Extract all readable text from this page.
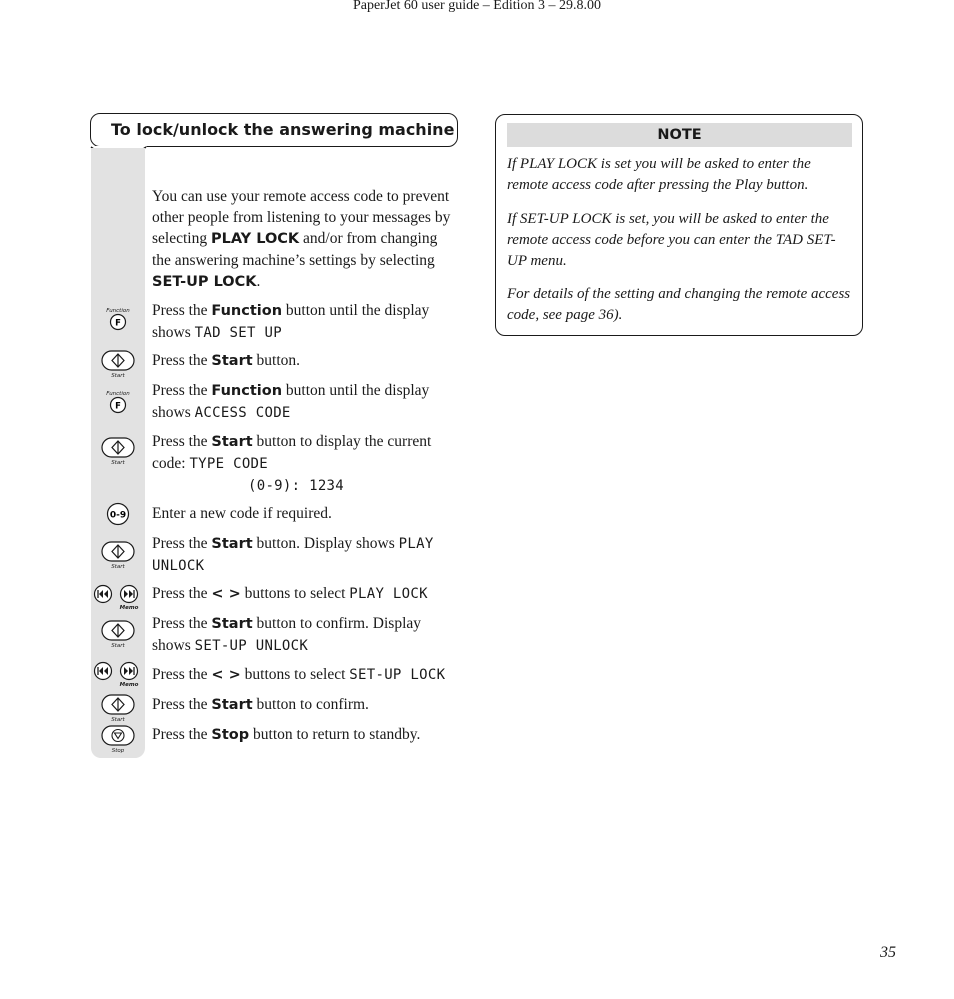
PaperJet 60 user guide – Edition 3 – 29.8.00
To lock/unlock the answering machine
You can use your remote access code to prevent other people from listening to your messages by selecting PLAY LOCK and/or from changing the answering machine’s settings by selecting SET-UP LOCK.
Function
F
Press the Function button until the display shows TAD SET UP
Start
Press the Start button.
Function
F
Press the Function button until the display shows ACCESS CODE
Start
Press the Start button to display the current code: TYPE CODE
(0-9): 1234
0-9 Enter a new code if required.
Start
Press the Start button. Display shows PLAY UNLOCK
Memo
Press the < > buttons to select PLAY LOCK
Start
Press the Start button to confirm. Display shows SET-UP UNLOCK
Memo
Press the < > buttons to select SET-UP LOCK
Start
Press the Start button to confirm.
Stop
Press the Stop button to return to standby.
NOTE
If PLAY LOCK is set you will be asked to enter the remote access code after pressing the Play button.
If SET-UP LOCK is set, you will be asked to enter the remote access code before you can enter the TAD SET-UP menu.
For details of the setting and changing the remote access code, see page 36).
35
